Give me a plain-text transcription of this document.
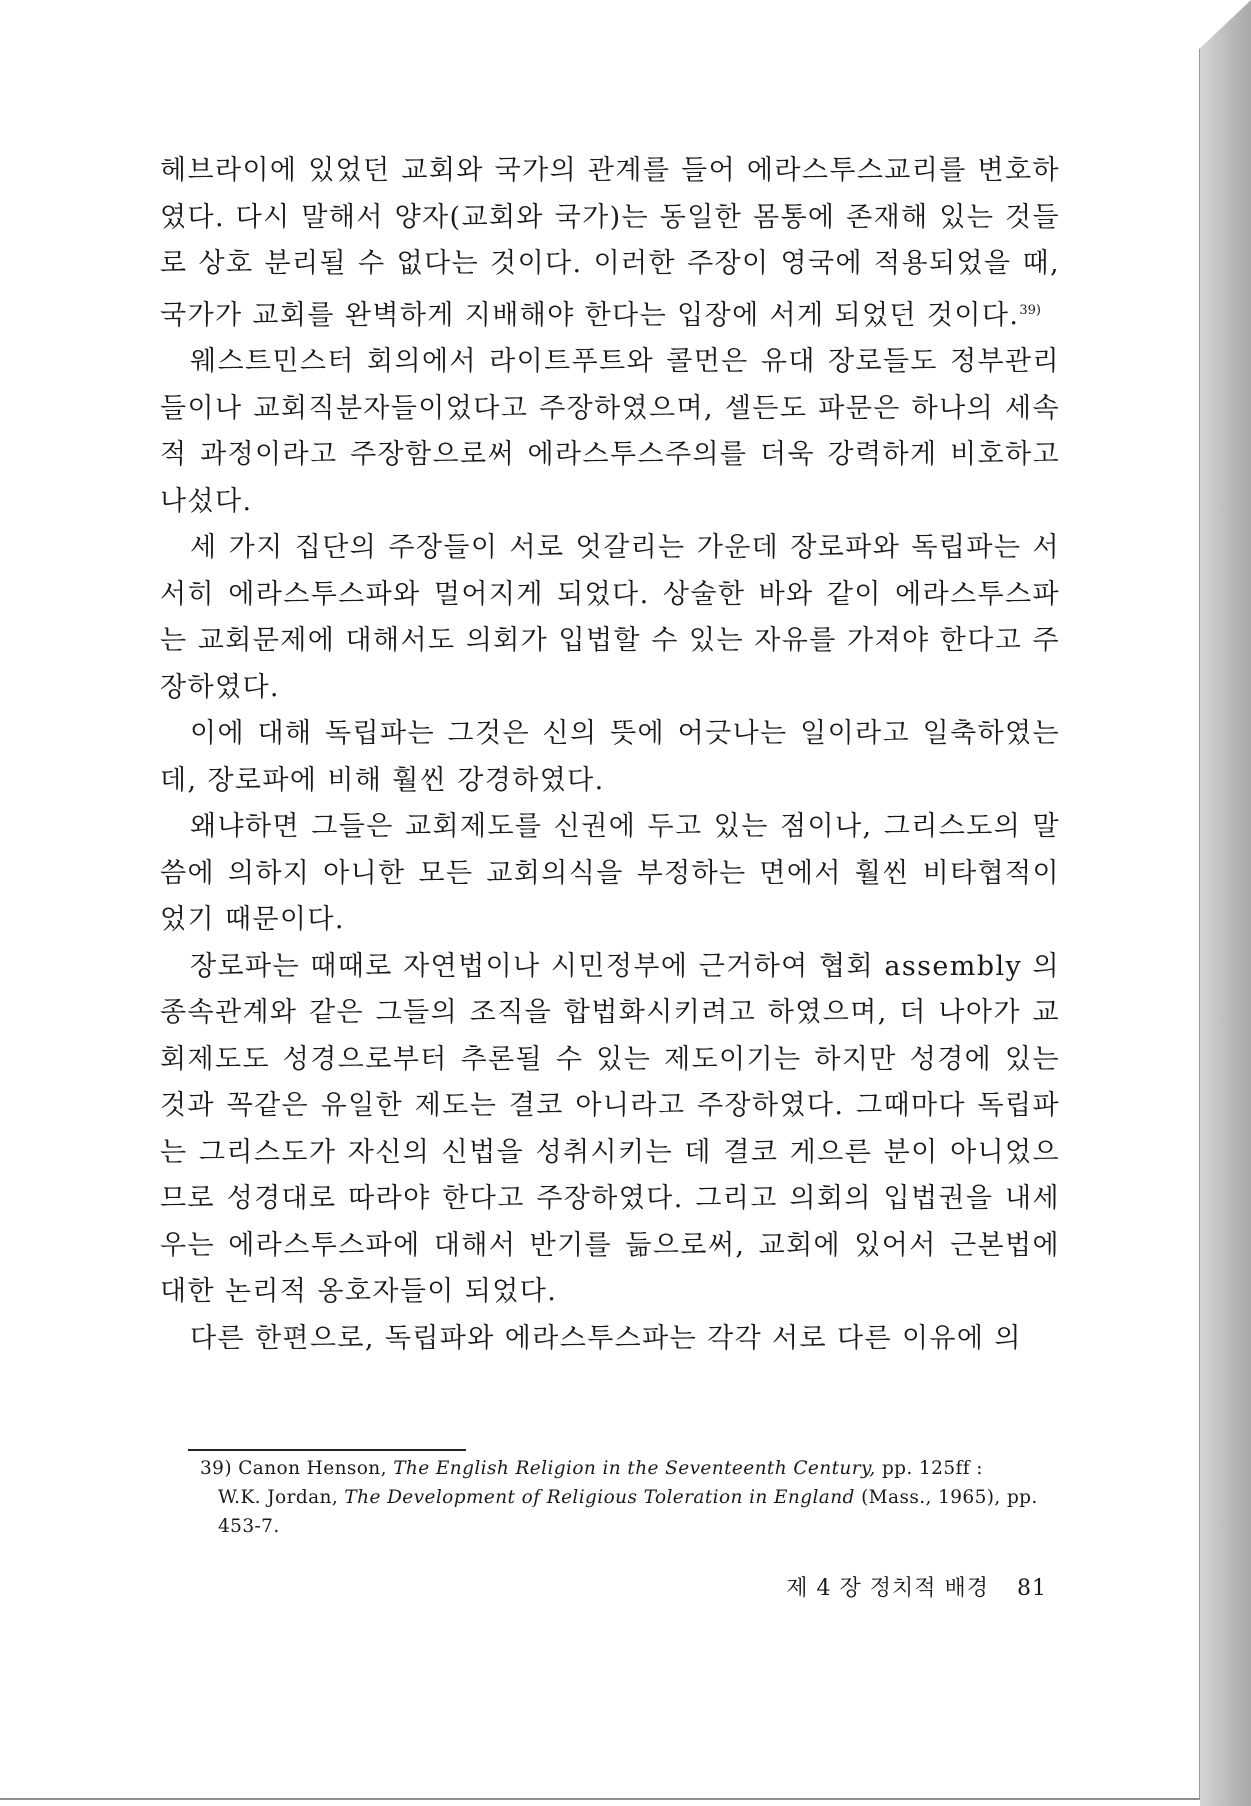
헤브라이에 있었던 교회와 국가의 관계를 들어 에라스투스교리를 변호하였다. 다시 말해서 양자(교회와 국가)는 동일한 몸통에 존재해 있는 것들로 상호 분리될 수 없다는 것이다. 이러한 주장이 영국에 적용되었을 때, 국가가 교회를 완벽하게 지배해야 한다는 입장에 서게 되었던 것이다.$^{39)}$

웨스트민스터 회의에서 라이트푸트와 콜먼은 유대 장로들도 정부관리들이나 교회직분자들이었다고 주장하였으며, 셀든도 파문은 하나의 세속적 과정이라고 주장함으로써 에라스투스주의를 더욱 강력하게 비호하고 나섰다.

세 가지 집단의 주장들이 서로 엇갈리는 가운데 장로파와 독립파는 서서히 에라스투스파와 멀어지게 되었다. 상술한 바와 같이 에라스투스파는 교회문제에 대해서도 의회가 입법할 수 있는 자유를 가져야 한다고 주장하였다.

이에 대해 독립파는 그것은 신의 뜻에 어긋나는 일이라고 일축하였는데, 장로파에 비해 훨씬 강경하였다.

왜냐하면 그들은 교회제도를 신권에 두고 있는 점이나, 그리스도의 말씀에 의하지 아니한 모든 교회의식을 부정하는 면에서 훨씬 비타협적이었기 때문이다.

장로파는 때때로 자연법이나 시민정부에 근거하여 협회 assembly 의 종속관계와 같은 그들의 조직을 합법화시키려고 하였으며, 더 나아가 교회제도도 성경으로부터 추론될 수 있는 제도이기는 하지만 성경에 있는 것과 꼭같은 유일한 제도는 결코 아니라고 주장하였다. 그때마다 독립파는 그리스도가 자신의 신법을 성취시키는 데 결코 게으른 분이 아니었으므로 성경대로 따라야 한다고 주장하였다. 그리고 의회의 입법권을 내세우는 에라스투스파에 대해서 반기를 듦으로써, 교회에 있어서 근본법에 대한 논리적 옹호자들이 되었다.

다른 한편으로, 독립파와 에라스투스파는 각각 서로 다른 이유에 의

39) Canon Henson, The English Religion in the Seventeenth Century, pp. 125ff :
W.K. Jordan, The Development of Religious Toleration in England (Mass., 1965), pp. 453-7.
제 4 장 정치적 배경 81
